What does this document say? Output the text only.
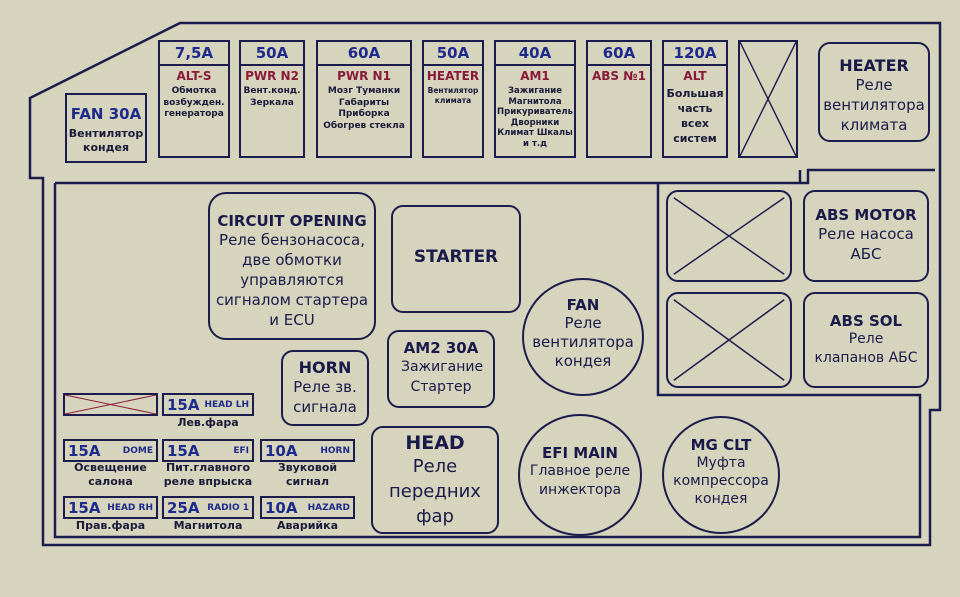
FAN 30A
Вентилятор кондея
7,5A
ALT-S
Обмотка возбужден. генератора
50A
PWR N2
Вент.конд. Зеркала
60A
PWR N1
Мозг Туманки Габариты Приборка Обогрев стекла
50A
HEATER
Вентилятор климата
40A
AM1
Зажигание Магнитола Прикуриватель Дворники Климат Шкалы и т.д
60A
ABS №1
120A
ALT
Большая часть всех систем
HEATER
Реле вентилятора климата
CIRCUIT OPENING
Реле бензонасоса, две обмотки управляются сигналом стартера и ECU
STARTER
FAN
Реле вентилятора кондея
ABS MOTOR
Реле насоса АБС
ABS SOL
Реле клапанов АБС
HORN
Реле зв. сигнала
AM2 30A
Зажигание Стартер
HEAD
Реле передних фар
EFI MAIN
Главное реле инжектора
MG CLT
Муфта компрессора кондея
15A HEAD LH
Лев.фара
15A DOME
Освещение салона
15A	EFI
Пит.главного реле впрыска
10A	HORN
Звуковой сигнал
15A HEAD RH
Прав.фара
25A RADIO 1
Магнитола
10A HAZARD
Аварийка
